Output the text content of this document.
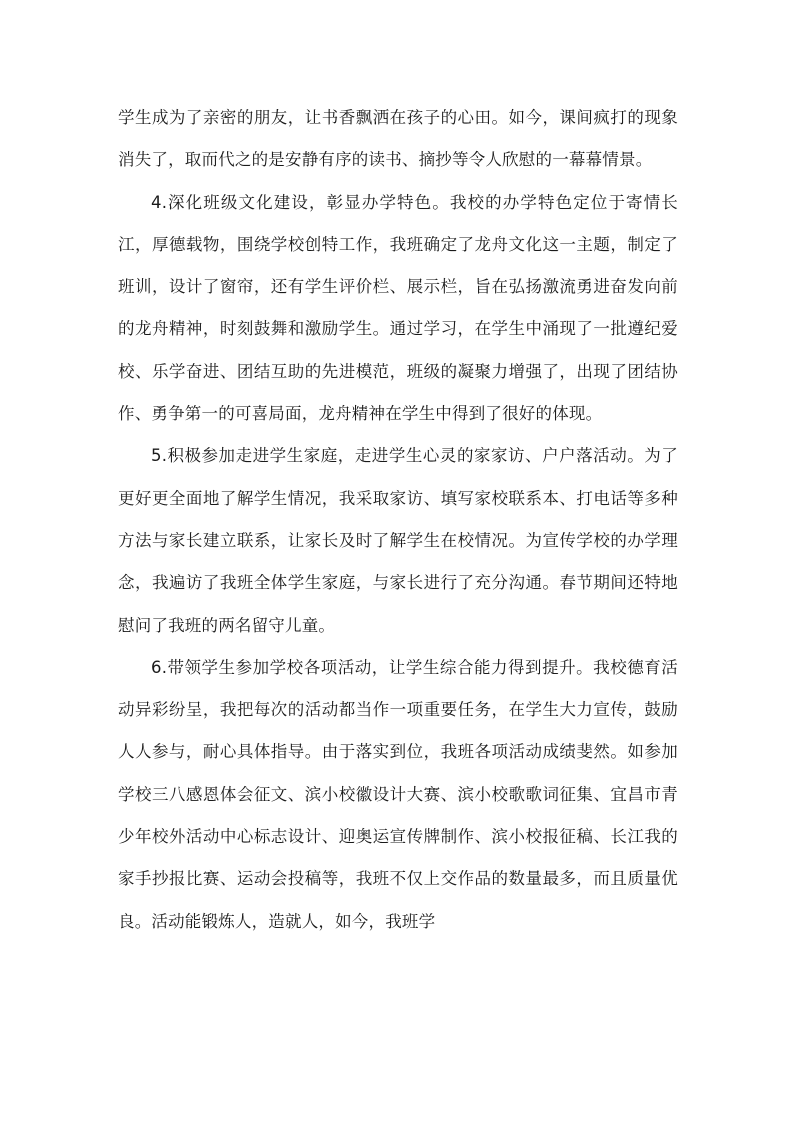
学生成为了亲密的朋友，让书香飘洒在孩子的心田。如今，课间疯打的现象消失了，取而代之的是安静有序的读书、摘抄等令人欣慰的一幕幕情景。

4.深化班级文化建设，彰显办学特色。我校的办学特色定位于寄情长江，厚德载物，围绕学校创特工作，我班确定了龙舟文化这一主题，制定了班训，设计了窗帘，还有学生评价栏、展示栏，旨在弘扬激流勇进奋发向前的龙舟精神，时刻鼓舞和激励学生。通过学习，在学生中涌现了一批遵纪爱校、乐学奋进、团结互助的先进模范，班级的凝聚力增强了，出现了团结协作、勇争第一的可喜局面，龙舟精神在学生中得到了很好的体现。

5.积极参加走进学生家庭，走进学生心灵的家家访、户户落活动。为了更好更全面地了解学生情况，我采取家访、填写家校联系本、打电话等多种方法与家长建立联系，让家长及时了解学生在校情况。为宣传学校的办学理念，我遍访了我班全体学生家庭，与家长进行了充分沟通。春节期间还特地慰问了我班的两名留守儿童。

6.带领学生参加学校各项活动，让学生综合能力得到提升。我校德育活动异彩纷呈，我把每次的活动都当作一项重要任务，在学生大力宣传，鼓励人人参与，耐心具体指导。由于落实到位，我班各项活动成绩斐然。如参加学校三八感恩体会征文、滨小校徽设计大赛、滨小校歌歌词征集、宜昌市青少年校外活动中心标志设计、迎奥运宣传牌制作、滨小校报征稿、长江我的家手抄报比赛、运动会投稿等，我班不仅上交作品的数量最多，而且质量优良。活动能锻炼人，造就人，如今，我班学
